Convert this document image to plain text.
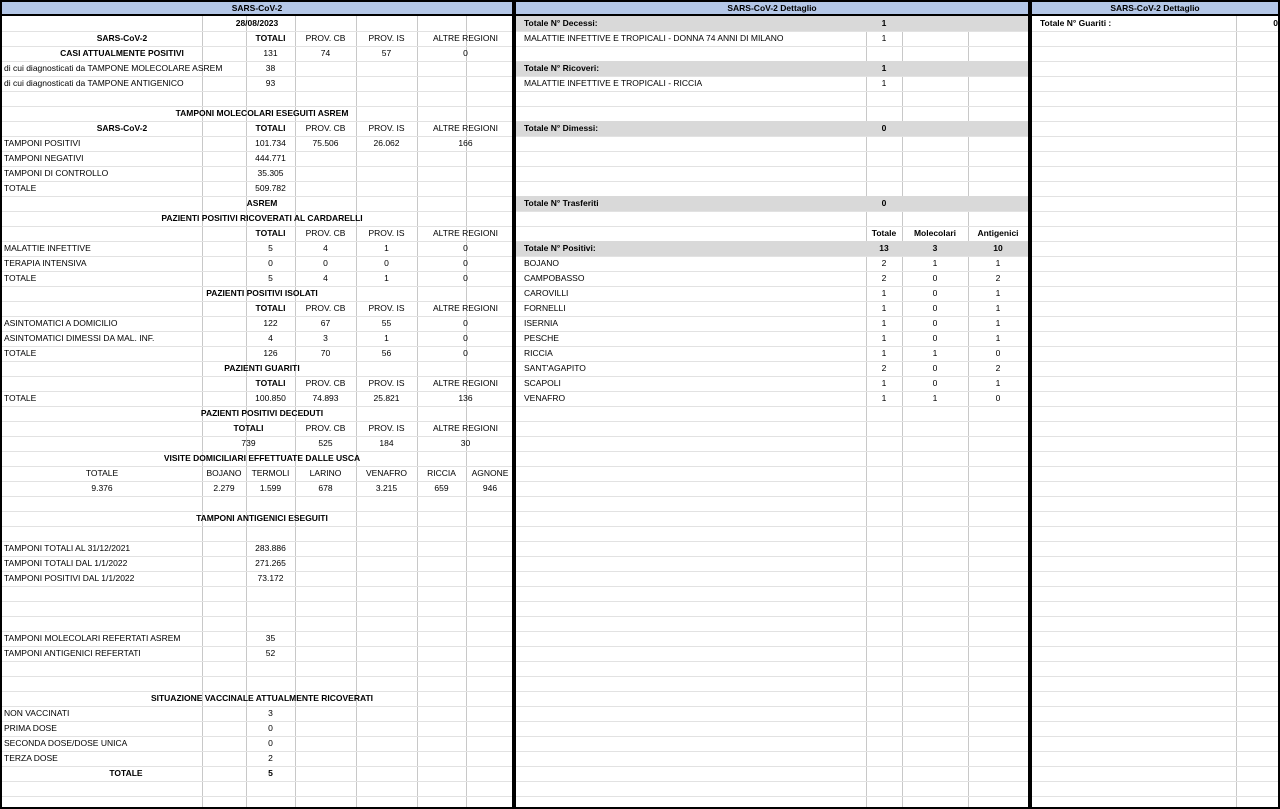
SARS-CoV-2
28/08/2023
SARS-CoV-2	TOTALI	PROV. CB	PROV. IS	ALTRE REGIONI
CASI ATTUALMENTE POSITIVI	131	74	57	0
di cui diagnosticati da TAMPONE MOLECOLARE ASREM	38
di cui diagnosticati da TAMPONE ANTIGENICO	93
TAMPONI MOLECOLARI ESEGUITI ASREM
SARS-CoV-2	TOTALI	PROV. CB	PROV. IS	ALTRE REGIONI
TAMPONI POSITIVI	101.734	75.506	26.062	166
TAMPONI NEGATIVI	444.771
TAMPONI DI CONTROLLO	35.305
TOTALE	509.782
ASREM
PAZIENTI POSITIVI RICOVERATI AL CARDARELLI
TOTALI	PROV. CB	PROV. IS	ALTRE REGIONI
MALATTIE INFETTIVE	5	4	1	0
TERAPIA INTENSIVA	0	0	0	0
TOTALE	5	4	1	0
PAZIENTI POSITIVI ISOLATI
TOTALI	PROV. CB	PROV. IS	ALTRE REGIONI
ASINTOMATICI A DOMICILIO	122	67	55	0
ASINTOMATICI DIMESSI DA MAL. INF.	4	3	1	0
TOTALE	126	70	56	0
PAZIENTI GUARITI
TOTALI	PROV. CB	PROV. IS	ALTRE REGIONI
TOTALE	100.850	74.893	25.821	136
PAZIENTI POSITIVI DECEDUTI
TOTALI	PROV. CB	PROV. IS	ALTRE REGIONI
739	525	184	30
VISITE DOMICILIARI EFFETTUATE DALLE USCA
TOTALE	BOJANO	TERMOLI	LARINO	VENAFRO	RICCIA	AGNONE
9.376	2.279	1.599	678	3.215	659	946
TAMPONI ANTIGENICI ESEGUITI
TAMPONI TOTALI AL 31/12/2021	283.886
TAMPONI TOTALI DAL 1/1/2022	271.265
TAMPONI POSITIVI DAL 1/1/2022	73.172
TAMPONI MOLECOLARI REFERTATI ASREM	35
TAMPONI ANTIGENICI REFERTATI	52
SITUAZIONE VACCINALE ATTUALMENTE RICOVERATI
NON VACCINATI	3
PRIMA DOSE	0
SECONDA DOSE/DOSE UNICA	0
TERZA DOSE	2
TOTALE	5
SARS-CoV-2 Dettaglio
Totale N° Decessi:	1
MALATTIE INFETTIVE E TROPICALI - DONNA 74 ANNI DI MILANO	1
Totale N° Ricoveri:	1
MALATTIE INFETTIVE E TROPICALI - RICCIA	1
Totale N° Dimessi:	0
Totale N° Trasferiti	0
Totale	Molecolari	Antigenici
Totale N° Positivi:	13	3	10
BOJANO	2	1	1
CAMPOBASSO	2	0	2
CAROVILLI	1	0	1
FORNELLI	1	0	1
ISERNIA	1	0	1
PESCHE	1	0	1
RICCIA	1	1	0
SANT'AGAPITO	2	0	2
SCAPOLI	1	0	1
VENAFRO	1	1	0
SARS-CoV-2 Dettaglio
Totale N° Guariti :	0
